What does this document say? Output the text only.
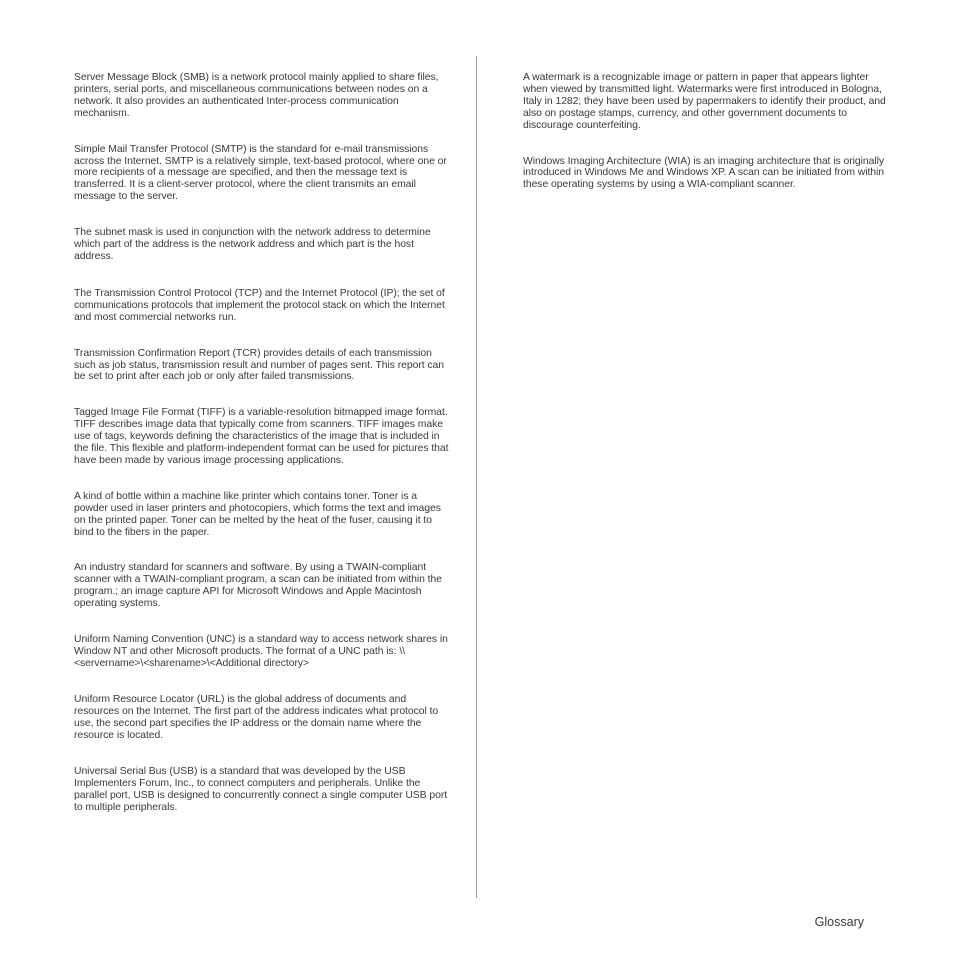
Server Message Block (SMB) is a network protocol mainly applied to share files, printers, serial ports, and miscellaneous communications between nodes on a network. It also provides an authenticated Inter-process communication mechanism.

Simple Mail Transfer Protocol (SMTP) is the standard for e-mail transmissions across the Internet. SMTP is a relatively simple, text-based protocol, where one or more recipients of a message are specified, and then the message text is transferred. It is a client-server protocol, where the client transmits an email message to the server.

The subnet mask is used in conjunction with the network address to determine which part of the address is the network address and which part is the host address.

The Transmission Control Protocol (TCP) and the Internet Protocol (IP); the set of communications protocols that implement the protocol stack on which the Internet and most commercial networks run.

Transmission Confirmation Report (TCR) provides details of each transmission such as job status, transmission result and number of pages sent. This report can be set to print after each job or only after failed transmissions.

Tagged Image File Format (TIFF) is a variable-resolution bitmapped image format. TIFF describes image data that typically come from scanners. TIFF images make use of tags, keywords defining the characteristics of the image that is included in the file. This flexible and platform-independent format can be used for pictures that have been made by various image processing applications.

A kind of bottle within a machine like printer which contains toner. Toner is a powder used in laser printers and photocopiers, which forms the text and images on the printed paper. Toner can be melted by the heat of the fuser, causing it to bind to the fibers in the paper.

An industry standard for scanners and software. By using a TWAIN-compliant scanner with a TWAIN-compliant program, a scan can be initiated from within the program.; an image capture API for Microsoft Windows and Apple Macintosh operating systems.

Uniform Naming Convention (UNC) is a standard way to access network shares in Window NT and other Microsoft products. The format of a UNC path is: \\<servername>\<sharename>\<Additional directory>

Uniform Resource Locator (URL) is the global address of documents and resources on the Internet. The first part of the address indicates what protocol to use, the second part specifies the IP address or the domain name where the resource is located.

Universal Serial Bus (USB) is a standard that was developed by the USB Implementers Forum, Inc., to connect computers and peripherals. Unlike the parallel port, USB is designed to concurrently connect a single computer USB port to multiple peripherals.

A watermark is a recognizable image or pattern in paper that appears lighter when viewed by transmitted light. Watermarks were first introduced in Bologna, Italy in 1282; they have been used by papermakers to identify their product, and also on postage stamps, currency, and other government documents to discourage counterfeiting.

Windows Imaging Architecture (WIA) is an imaging architecture that is originally introduced in Windows Me and Windows XP. A scan can be initiated from within these operating systems by using a WIA-compliant scanner.

Glossary
